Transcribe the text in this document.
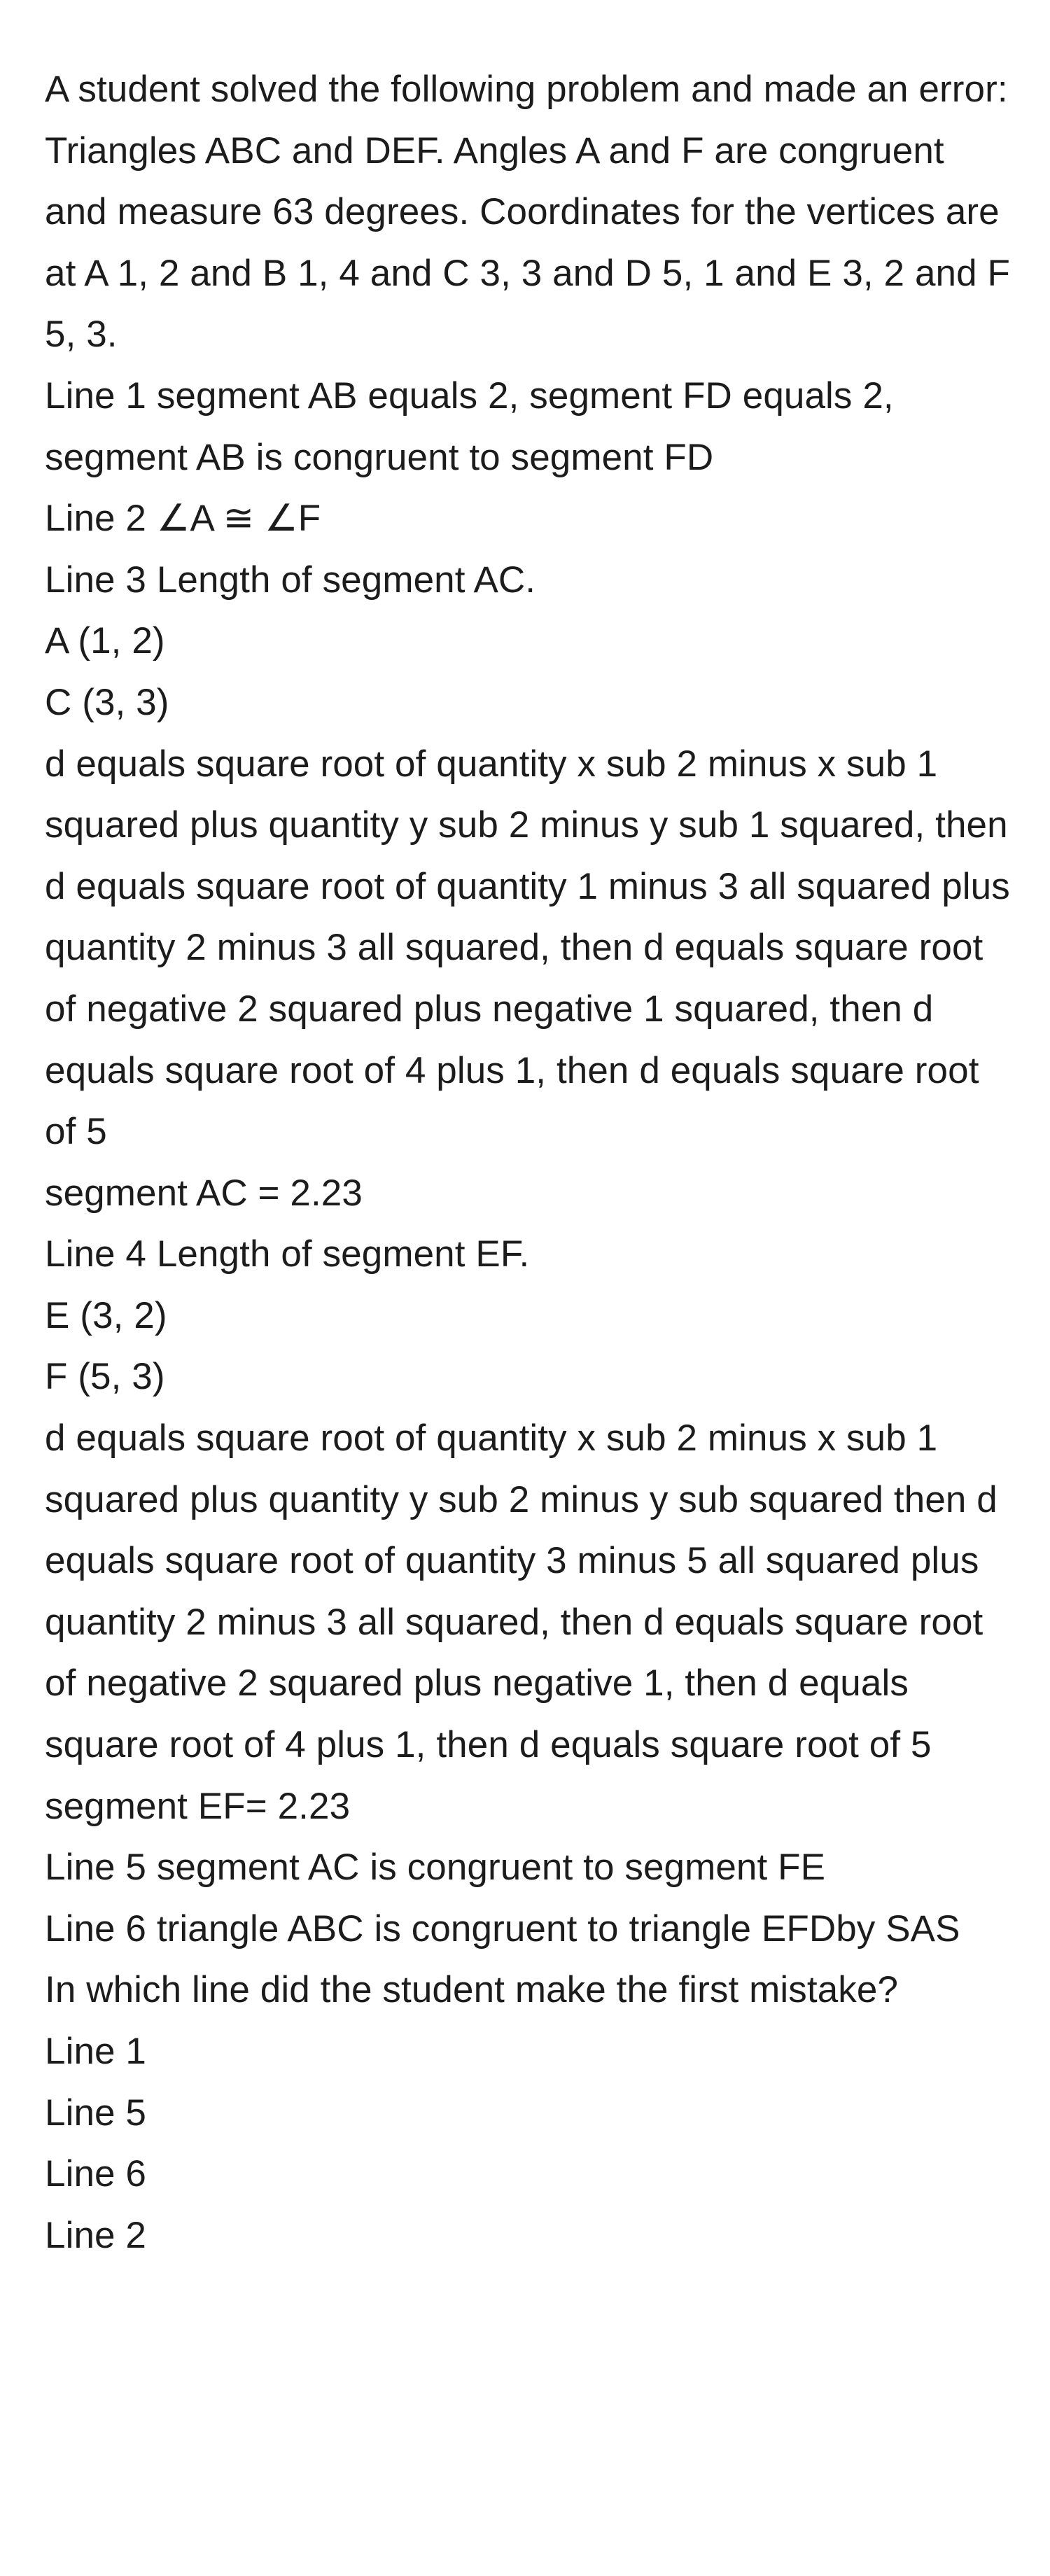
A student solved the following problem and made an error:

Triangles ABC and DEF. Angles A and F are congruent and measure 63 degrees. Coordinates for the vertices are at A 1, 2 and B 1, 4 and C 3, 3 and D 5, 1 and E 3, 2 and F 5, 3.

Line 1 segment AB equals 2, segment FD equals 2, segment AB is congruent to segment FD

Line 2 ∠A ≅ ∠F

Line 3 Length of segment AC.

A (1, 2)

C (3, 3)

d equals square root of quantity x sub 2 minus x sub 1 squared plus quantity y sub 2 minus y sub 1 squared, then d equals square root of quantity 1 minus 3 all squared plus quantity 2 minus 3 all squared, then d equals square root of negative 2 squared plus negative 1 squared, then d equals square root of 4 plus 1, then d equals square root of 5

segment AC = 2.23

Line 4 Length of segment EF.

E (3, 2)

F (5, 3)

d equals square root of quantity x sub 2 minus x sub 1 squared plus quantity y sub 2 minus y sub squared then d equals square root of quantity 3 minus 5 all squared plus quantity 2 minus 3 all squared, then d equals square root of negative 2 squared plus negative 1, then d equals square root of 4 plus 1, then d equals square root of 5

segment EF= 2.23

Line 5 segment AC is congruent to segment FE

Line 6 triangle ABC is congruent to triangle EFDby SAS

In which line did the student make the first mistake?

Line 1

Line 5

Line 6

Line 2
